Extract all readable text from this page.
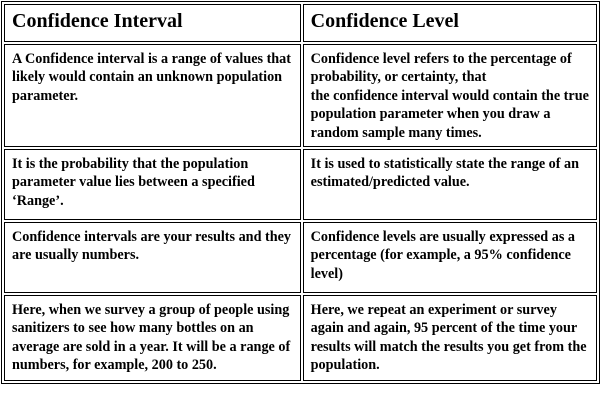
Confidence Interval	Confidence Level
A Confidence interval is a range of values that likely would contain an unknown population parameter.	Confidence level refers to the percentage of probability, or certainty, that
the confidence interval would contain the true population parameter when you draw a random sample many times.
It is the probability that the population parameter value lies between a specified ‘Range’.	It is used to statistically state the range of an estimated/predicted value.
Confidence intervals are your results and they are usually numbers.	Confidence levels are usually expressed as a percentage (for example, a 95% confidence level)
Here, when we survey a group of people using sanitizers to see how many bottles on an average are sold in a year. It will be a range of numbers, for example, 200 to 250.	Here, we repeat an experiment or survey again and again, 95 percent of the time your results will match the results you get from the population.
